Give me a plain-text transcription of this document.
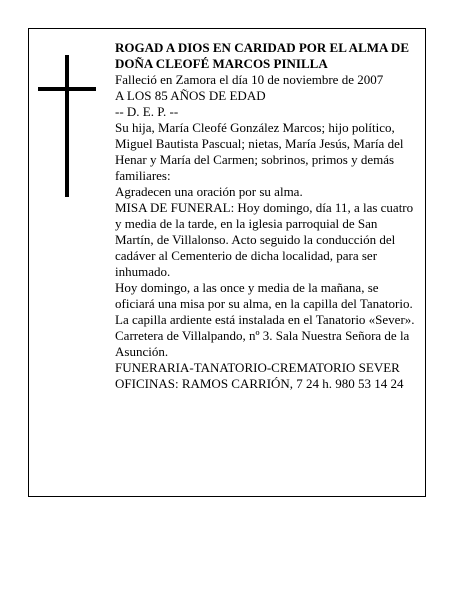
ROGAD A DIOS EN CARIDAD POR EL ALMA DE

DOÑA CLEOFÉ MARCOS PINILLA

Falleció en Zamora el día 10 de noviembre de 2007

A LOS 85 AÑOS DE EDAD

-- D. E. P. --

Su hija, María Cleofé González Marcos; hijo político, Miguel Bautista Pascual; nietas, María Jesús, María del Henar y María del Carmen; sobrinos, primos y demás familiares:

Agradecen una oración por su alma.

MISA DE FUNERAL: Hoy domingo, día 11, a las cuatro y media de la tarde, en la iglesia parroquial de San Martín, de Villalonso. Acto seguido la conducción del cadáver al Cementerio de dicha localidad, para ser inhumado.

Hoy domingo, a las once y media de la mañana, se oficiará una misa por su alma, en la capilla del Tanatorio.

La capilla ardiente está instalada en el Tanatorio «Sever». Carretera de Villalpando, nº 3. Sala Nuestra Señora de la Asunción.

FUNERARIA-TANATORIO-CREMATORIO SEVER

OFICINAS: RAMOS CARRIÓN, 7 24 h. 980 53 14 24
